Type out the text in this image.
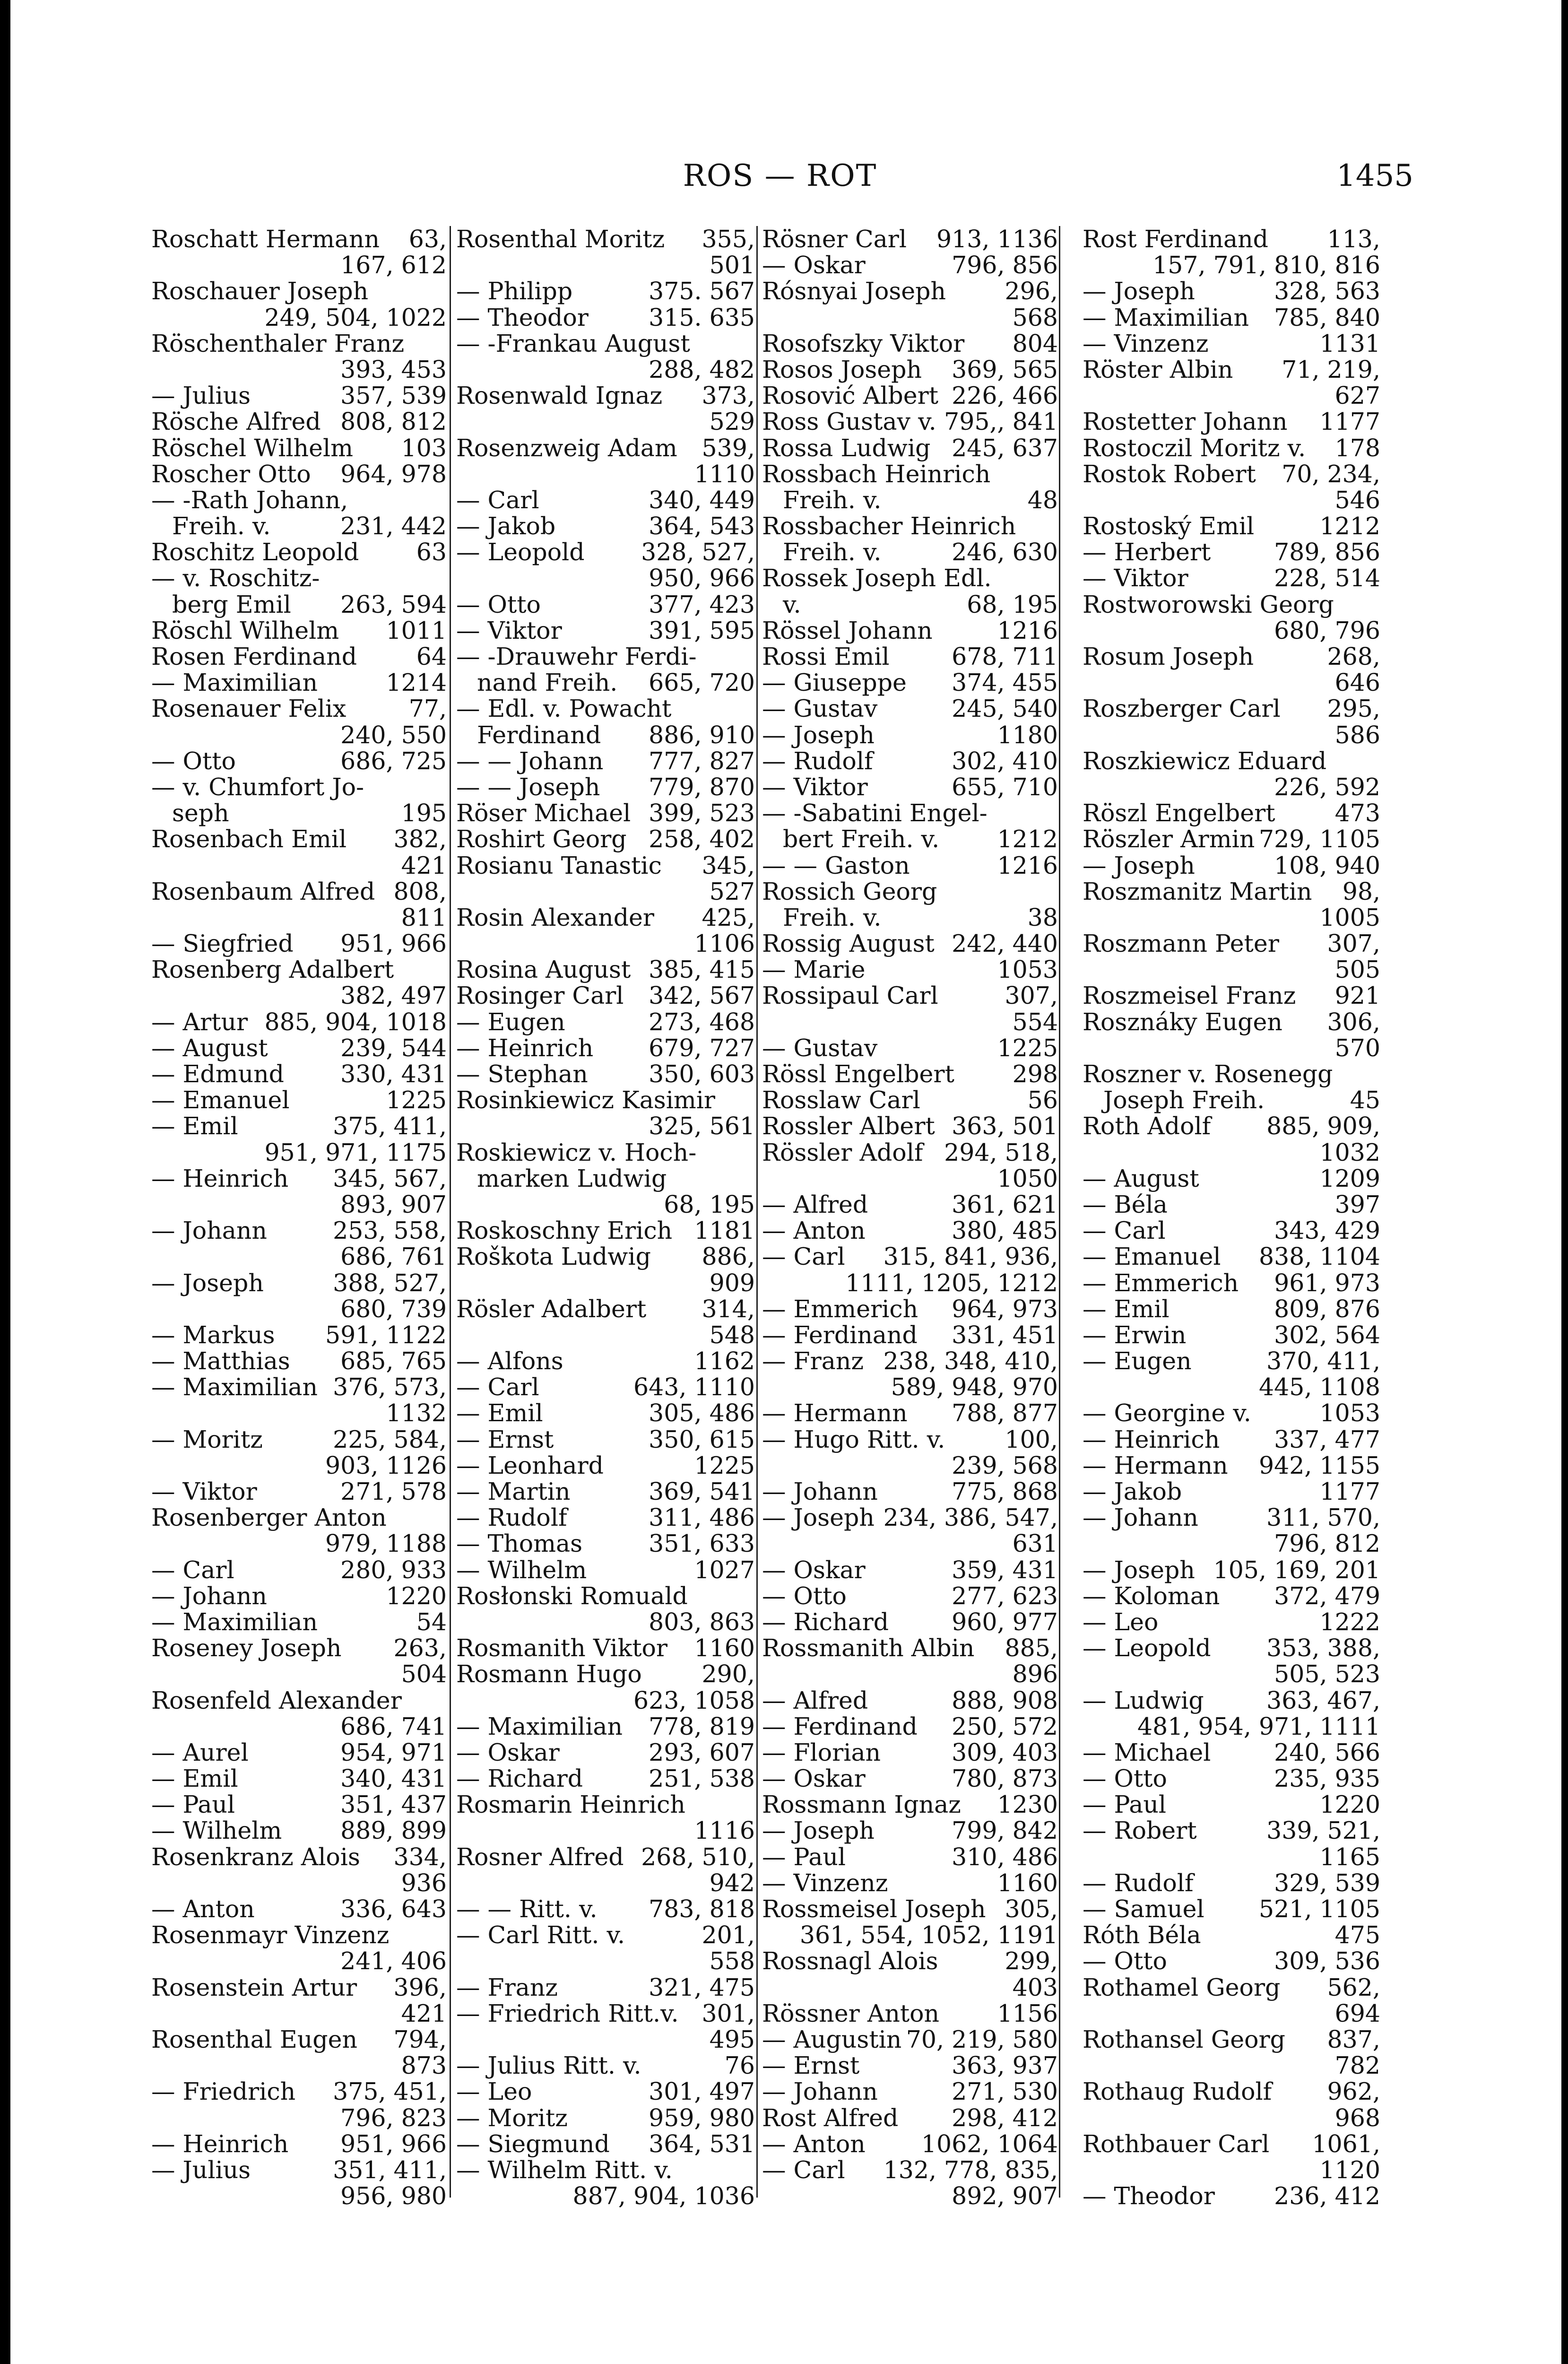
ROS — ROT	1455
Roschatt Hermann 63,
167, 612
Roschauer Joseph
249, 504, 1022
Röschenthaler Franz
393, 453
— Julius	357, 539
Rösche Alfred 808, 812
Röschel Wilhelm 103
Roscher Otto 964, 978
— -Rath Johann,
Freih. v.	231, 442
Roschitz Leopold 63
— v. Roschitz-
berg Emil 263, 594
Röschl Wilhelm 1011
Rosen Ferdinand 64
— Maximilian	1214
Rosenauer Felix	77,
240, 550
— Otto	686, 725
— v. Chumfort Jo-
seph	195
Rosenbach Emil 382,
421
Rosenbaum Alfred 808,
811
— Siegfried 951, 966
Rosenberg Adalbert
382, 497
— Artur 885, 904, 1018
— August	239, 544
— Edmund 330, 431
— Emanuel	1225
— Emil	375, 411,
951, 971, 1175
— Heinrich 345, 567,
893, 907
— Johann	253, 558,
686, 761
— Joseph	388, 527,
680, 739
— Markus 591, 1122
— Matthias 685, 765
— Maximilian 376, 573,
1132
— Moritz	225, 584,
903, 1126
— Viktor	271, 578
Rosenberger Anton
979, 1188
— Carl	280, 933
— Johann	1220
— Maximilian	54
Roseney Joseph 263,
504
Rosenfeld Alexander
686, 741
— Aurel	954, 971
— Emil	340, 431
— Paul	351, 437
— Wilhelm 889, 899
Rosenkranz Alois 334,
936
— Anton	336, 643
Rosenmayr Vinzenz
241, 406
Rosenstein Artur 396,
421
Rosenthal Eugen 794,
873
— Friedrich 375, 451,
796, 823
— Heinrich 951, 966
— Julius	351, 411,
956, 980
Rosenthal Moritz 355,
501
— Philipp	375. 567
— Theodor	315. 635
— -Frankau August
288, 482
Rosenwald Ignaz 373,
529
Rosenzweig Adam 539,
1110
— Carl	340, 449
— Jakob	364, 543
— Leopold 328, 527,
950, 966
— Otto	377, 423
— Viktor	391, 595
— -Drauwehr Ferdi-
nand Freih. 665, 720
— Edl. v. Powacht
Ferdinand 886, 910
— — Johann 777, 827
— — Joseph 779, 870
Röser Michael 399, 523
Roshirt Georg 258, 402
Rosianu Tanastic 345,
527
Rosin Alexander 425,
1106
Rosina August 385, 415
Rosinger Carl 342, 567
— Eugen	273, 468
— Heinrich 679, 727
— Stephan	350, 603
Rosinkiewicz Kasimir
325, 561
Roskiewicz v. Hoch-
marken Ludwig
68, 195
Roskoschny Erich 1181
Roškota Ludwig 886,
909
Rösler Adalbert 314,
548
— Alfons	1162
— Carl	643, 1110
— Emil	305, 486
— Ernst	350, 615
— Leonhard	1225
— Martin	369, 541
— Rudolf	311, 486
— Thomas	351, 633
— Wilhelm	1027
Rosłonski Romuald
803, 863
Rosmanith Viktor 1160
Rosmann Hugo	290,
623, 1058
— Maximilian 778, 819
— Oskar	293, 607
— Richard	251, 538
Rosmarin Heinrich
1116
Rosner Alfred 268, 510,
942
— — Ritt. v. 783, 818
— Carl Ritt. v.	201,
558
— Franz	321, 475
— Friedrich Ritt.v. 301,
495
— Julius Ritt. v.	76
— Leo	301, 497
— Moritz	959, 980
— Siegmund 364, 531
— Wilhelm Ritt. v.
887, 904, 1036
Rösner Carl 913, 1136
— Oskar	796, 856
Rósnyai Joseph 296,
568
Rosofszky Viktor 804
Rosos Joseph 369, 565
Rosović Albert 226, 466
Ross Gustav v. 795,, 841
Rossa Ludwig 245, 637
Rossbach Heinrich
Freih. v.	48
Rossbacher Heinrich
Freih. v.	246, 630
Rossek Joseph Edl.
v.	68, 195
Rössel Johann	1216
Rossi Emil	678, 711
— Giuseppe 374, 455
— Gustav	245, 540
— Joseph	1180
— Rudolf	302, 410
— Viktor	655, 710
— -Sabatini Engel-
bert Freih. v. 1212
— — Gaston	1216
Rossich Georg
Freih. v.	38
Rossig August 242, 440
— Marie	1053
Rossipaul Carl	307,
554
— Gustav	1225
Rössl Engelbert 298
Rosslaw Carl	56
Rossler Albert 363, 501
Rössler Adolf 294, 518,
1050
— Alfred	361, 621
— Anton	380, 485
— Carl 315, 841, 936,
1111, 1205, 1212
— Emmerich 964, 973
— Ferdinand 331, 451
— Franz 238, 348, 410,
589, 948, 970
— Hermann 788, 877
— Hugo Ritt. v. 100,
239, 568
— Johann	775, 868
— Joseph 234, 386, 547,
631
— Oskar	359, 431
— Otto	277, 623
— Richard	960, 977
Rossmanith Albin 885,
896
— Alfred	888, 908
— Ferdinand 250, 572
— Florian	309, 403
— Oskar	780, 873
Rossmann Ignaz 1230
— Joseph	799, 842
— Paul	310, 486
— Vinzenz	1160
Rossmeisel Joseph 305,
361, 554, 1052, 1191
Rossnagl Alois	299,
403
Rössner Anton 1156
— Augustin 70, 219, 580
— Ernst	363, 937
— Johann	271, 530
Rost Alfred 298, 412
— Anton 1062, 1064
— Carl 132, 778, 835,
892, 907
Rost Ferdinand 113,
157, 791, 810, 816
— Joseph	328, 563
— Maximilian 785, 840
— Vinzenz	1131
Röster Albin 71, 219,
627
Rostetter Johann 1177
Rostoczil Moritz v. 178
Rostok Robert 70, 234,
546
Rostoský Emil	1212
— Herbert	789, 856
— Viktor	228, 514
Rostworowski Georg
680, 796
Rosum Joseph	268,
646
Roszberger Carl 295,
586
Roszkiewicz Eduard
226, 592
Röszl Engelbert 473
Röszler Armin 729, 1105
— Joseph	108, 940
Roszmanitz Martin 98,
1005
Roszmann Peter 307,
505
Roszmeisel Franz 921
Rosznáky Eugen 306,
570
Roszner v. Rosenegg
Joseph Freih.	45
Roth Adolf 885, 909,
1032
— August	1209
— Béla	397
— Carl	343, 429
— Emanuel 838, 1104
— Emmerich 961, 973
— Emil	809, 876
— Erwin	302, 564
— Eugen	370, 411,
445, 1108
— Georgine v.	1053
— Heinrich 337, 477
— Hermann 942, 1155
— Jakob	1177
— Johann	311, 570,
796, 812
— Joseph 105, 169, 201
— Koloman 372, 479
— Leo	1222
— Leopold 353, 388,
505, 523
— Ludwig	363, 467,
481, 954, 971, 1111
— Michael	240, 566
— Otto	235, 935
— Paul	1220
— Robert	339, 521,
1165
— Rudolf	329, 539
— Samuel 521, 1105
Róth Béla	475
— Otto	309, 536
Rothamel Georg 562,
694
Rothansel Georg 837,
782
Rothaug Rudolf 962,
968
Rothbauer Carl 1061,
1120
— Theodor 236, 412
